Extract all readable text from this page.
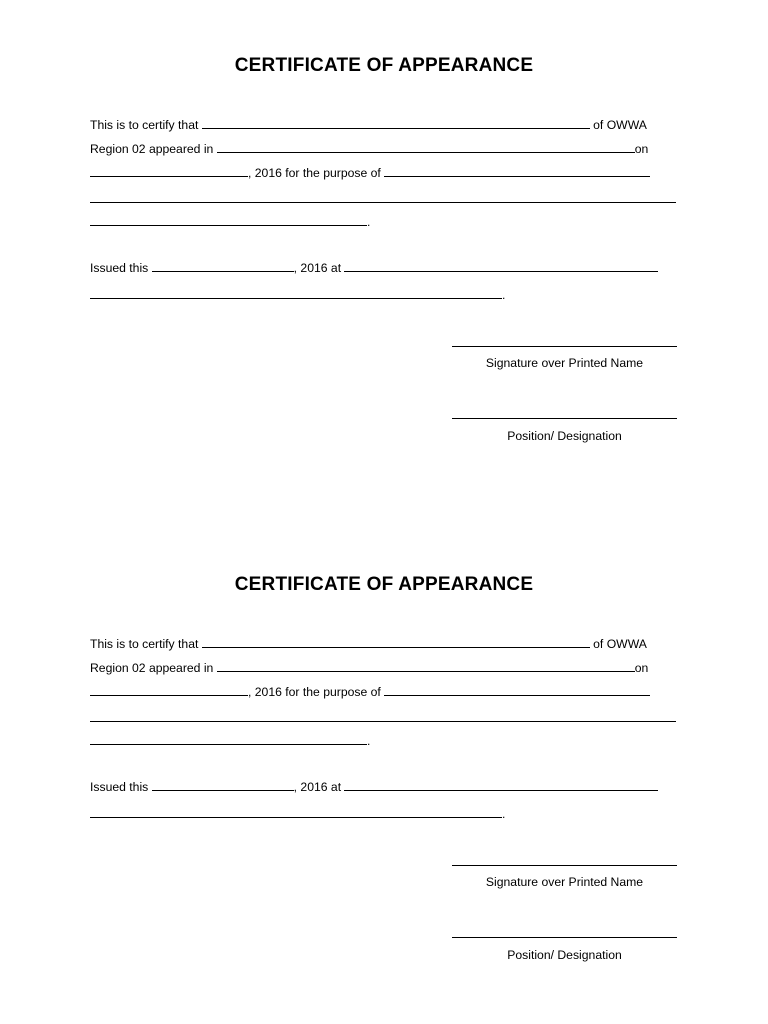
CERTIFICATE OF APPEARANCE
This is to certify that	of OWWA
Region 02 appeared in	on
, 2016 for the purpose of
.
Issued this	, 2016 at
.
Signature over Printed Name
Position/ Designation
CERTIFICATE OF APPEARANCE
This is to certify that	of OWWA
Region 02 appeared in	on
, 2016 for the purpose of
.
Issued this	, 2016 at
.
Signature over Printed Name
Position/ Designation
